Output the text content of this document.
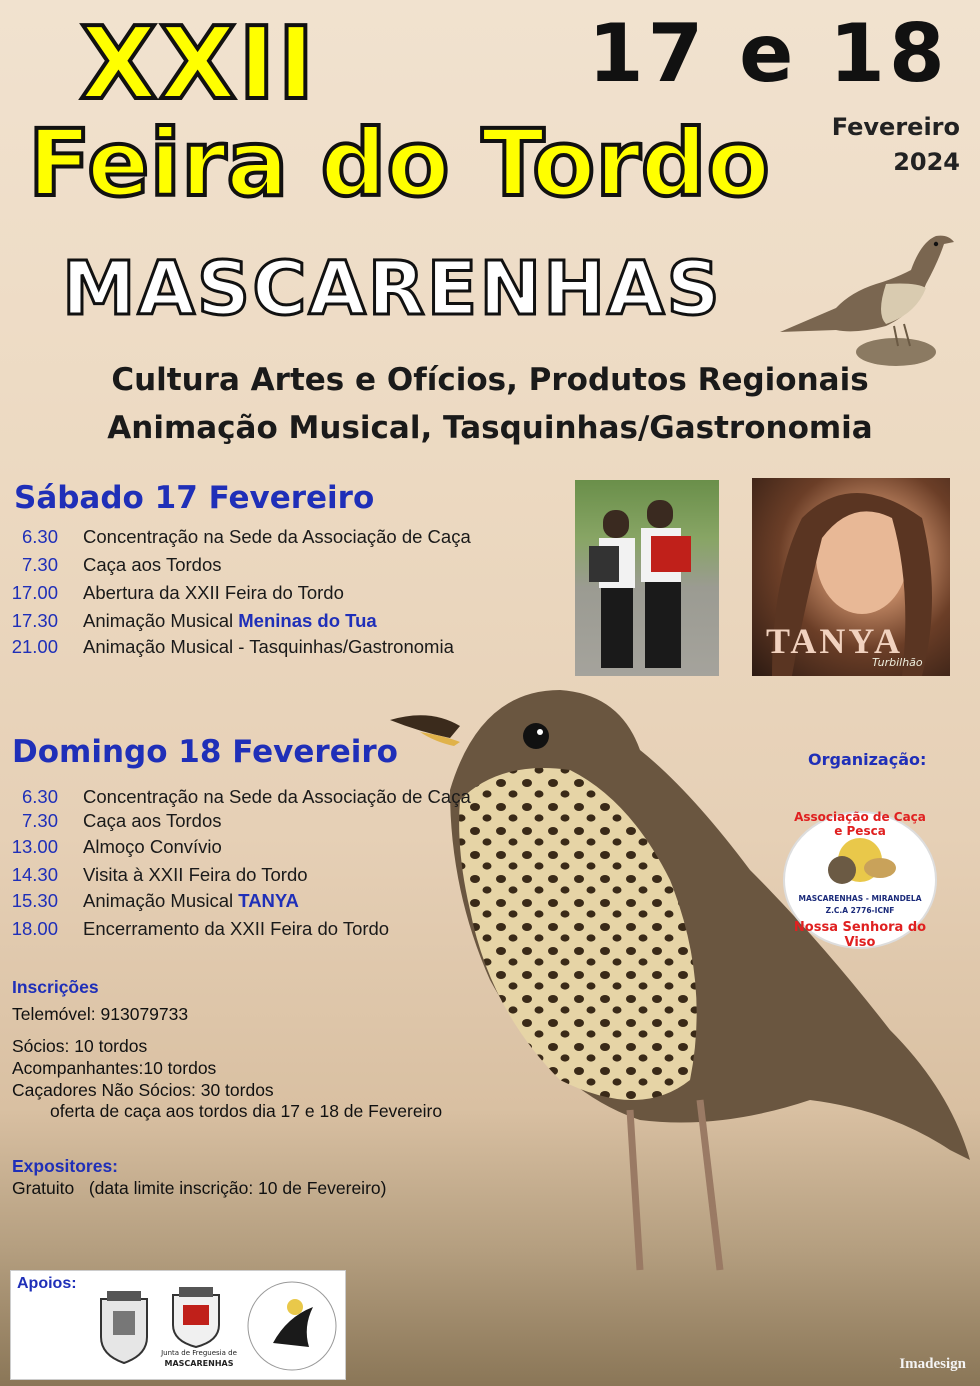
XXII
Feira do Tordo
MASCARENHAS
17 e 18
Fevereiro
2024
Cultura Artes e Ofícios, Produtos Regionais
Animação Musical, Tasquinhas/Gastronomia
Sábado 17 Fevereiro
6.30 Concentração na Sede da Associação de Caça
7.30 Caça aos Tordos
17.00 Abertura da XXII Feira do Tordo
17.30 Animação Musical Meninas do Tua
21.00 Animação Musical - Tasquinhas/Gastronomia	TANYA
Turbilhão
Domingo 18 Fevereiro
6.30 Concentração na Sede da Associação de Caça
7.30 Caça aos Tordos
13.00 Almoço Convívio
14.30 Visita à XXII Feira do Tordo
15.30 Animação Musical TANYA
18.00 Encerramento da XXII Feira do Tordo
Organização:
Associação de Caça e Pesca
MASCARENHAS - MIRANDELA
Z.C.A 2776-ICNF
Nossa Senhora do Viso
Inscrições
Telemóvel: 913079733
Sócios: 10 tordos
Acompanhantes:10 tordos
Caçadores Não Sócios: 30 tordos
oferta de caça aos tordos dia 17 e 18 de Fevereiro
Expositores:
Gratuito   (data limite inscrição: 10 de Fevereiro)
Apoios:
Junta de Freguesia de
MASCARENHAS	Imadesign
